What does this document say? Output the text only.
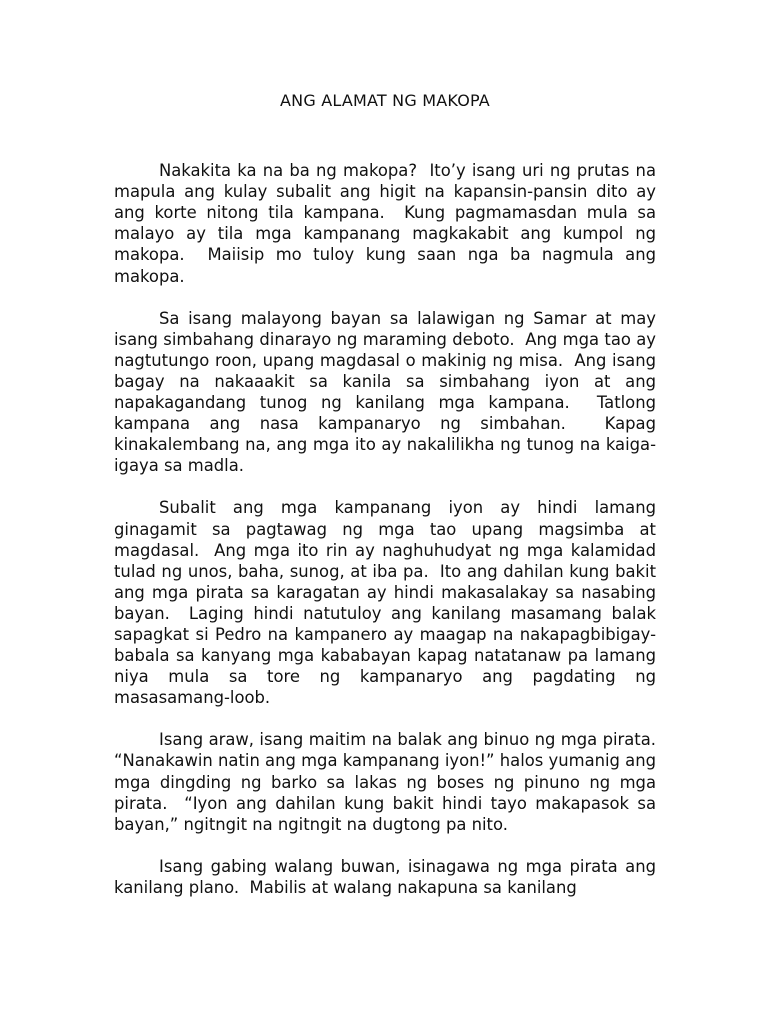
ANG ALAMAT NG MAKOPA

Nakakita ka na ba ng makopa?  Ito’y isang uri ng prutas na mapula ang kulay subalit ang higit na kapansin-pansin dito ay ang korte nitong tila kampana.  Kung pagmamasdan mula sa malayo ay tila mga kampanang magkakabit ang kumpol ng makopa.  Maiisip mo tuloy kung saan nga ba nagmula ang makopa.

Sa isang malayong bayan sa lalawigan ng Samar at may isang simbahang dinarayo ng maraming deboto.  Ang mga tao ay nagtutungo roon, upang magdasal o makinig ng misa.  Ang isang bagay na nakaaakit sa kanila sa simbahang iyon at ang napakagandang tunog ng kanilang mga kampana.  Tatlong kampana ang nasa kampanaryo ng simbahan.  Kapag kinakalembang na, ang mga ito ay nakalilikha ng tunog na kaiga-igaya sa madla.

Subalit ang mga kampanang iyon ay hindi lamang ginagamit sa pagtawag ng mga tao upang magsimba at magdasal.  Ang mga ito rin ay naghuhudyat ng mga kalamidad tulad ng unos, baha, sunog, at iba pa.  Ito ang dahilan kung bakit ang mga pirata sa karagatan ay hindi makasalakay sa nasabing bayan.  Laging hindi natutuloy ang kanilang masamang balak sapagkat si Pedro na kampanero ay maagap na nakapagbibigay-babala sa kanyang mga kababayan kapag natatanaw pa lamang niya mula sa tore ng kampanaryo ang pagdating ng masasamang-loob.

Isang araw, isang maitim na balak ang binuo ng mga pirata.  “Nanakawin natin ang mga kampanang iyon!” halos yumanig ang mga dingding ng barko sa lakas ng boses ng pinuno ng mga pirata.  “Iyon ang dahilan kung bakit hindi tayo makapasok sa bayan,” ngitngit na ngitngit na dugtong pa nito.

Isang gabing walang buwan, isinagawa ng mga pirata ang kanilang plano.  Mabilis at walang nakapuna sa kanilang
